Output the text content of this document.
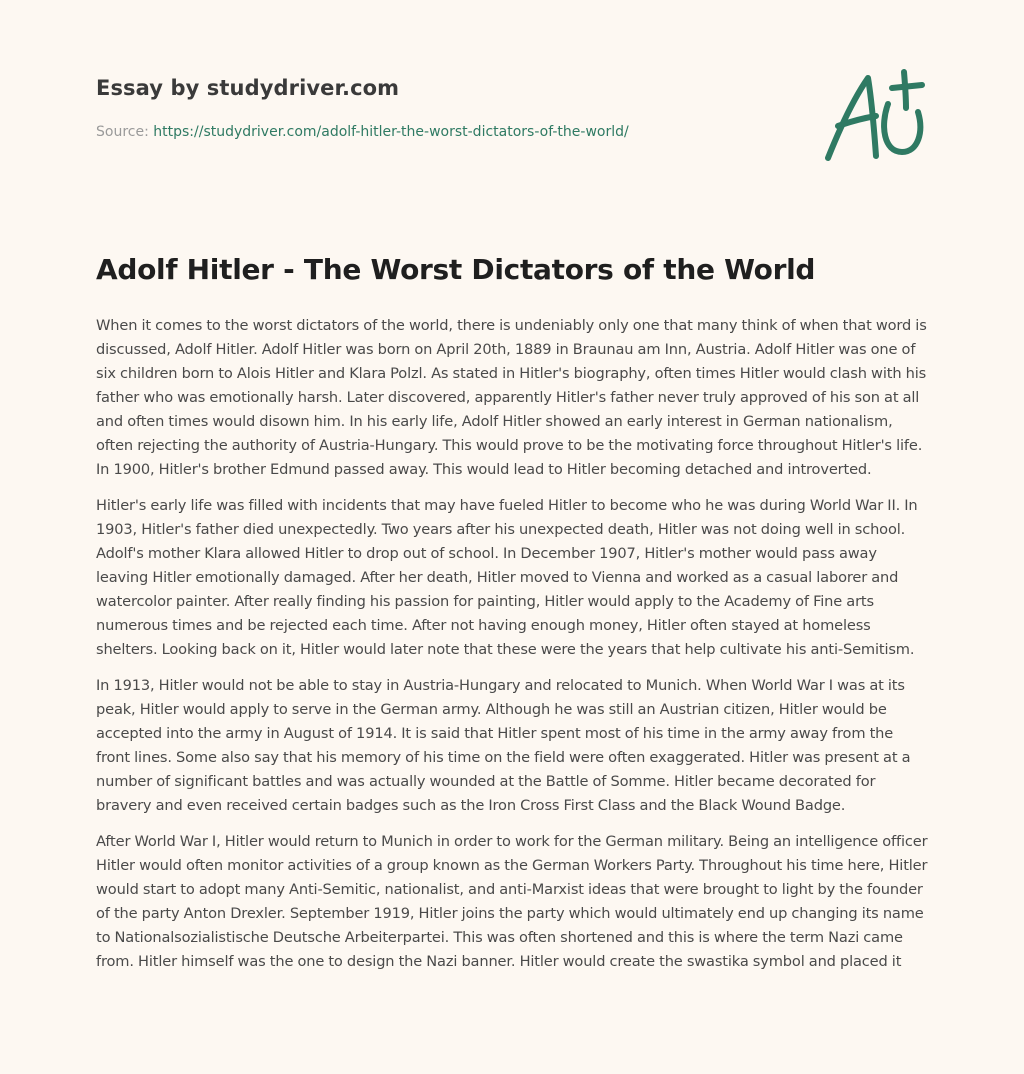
Essay by studydriver.com
Source: https://studydriver.com/adolf-hitler-the-worst-dictators-of-the-world/
Adolf Hitler - The Worst Dictators of the World

When it comes to the worst dictators of the world, there is undeniably only one that many think of when that word is discussed, Adolf Hitler. Adolf Hitler was born on April 20th, 1889 in Braunau am Inn, Austria. Adolf Hitler was one of six children born to Alois Hitler and Klara Polzl. As stated in Hitler's biography, often times Hitler would clash with his father who was emotionally harsh. Later discovered, apparently Hitler's father never truly approved of his son at all and often times would disown him. In his early life, Adolf Hitler showed an early interest in German nationalism, often rejecting the authority of Austria-Hungary. This would prove to be the motivating force throughout Hitler's life. In 1900, Hitler's brother Edmund passed away. This would lead to Hitler becoming detached and introverted.

Hitler's early life was filled with incidents that may have fueled Hitler to become who he was during World War II. In 1903, Hitler's father died unexpectedly. Two years after his unexpected death, Hitler was not doing well in school. Adolf's mother Klara allowed Hitler to drop out of school. In December 1907, Hitler's mother would pass away leaving Hitler emotionally damaged. After her death, Hitler moved to Vienna and worked as a casual laborer and watercolor painter. After really finding his passion for painting, Hitler would apply to the Academy of Fine arts numerous times and be rejected each time. After not having enough money, Hitler often stayed at homeless shelters. Looking back on it, Hitler would later note that these were the years that help cultivate his anti-Semitism.

In 1913, Hitler would not be able to stay in Austria-Hungary and relocated to Munich. When World War I was at its peak, Hitler would apply to serve in the German army. Although he was still an Austrian citizen, Hitler would be accepted into the army in August of 1914. It is said that Hitler spent most of his time in the army away from the front lines. Some also say that his memory of his time on the field were often exaggerated. Hitler was present at a number of significant battles and was actually wounded at the Battle of Somme. Hitler became decorated for bravery and even received certain badges such as the Iron Cross First Class and the Black Wound Badge.

After World War I, Hitler would return to Munich in order to work for the German military. Being an intelligence officer Hitler would often monitor activities of a group known as the German Workers Party. Throughout his time here, Hitler would start to adopt many Anti-Semitic, nationalist, and anti-Marxist ideas that were brought to light by the founder of the party Anton Drexler. September 1919, Hitler joins the party which would ultimately end up changing its name to Nationalsozialistische Deutsche Arbeiterpartei. This was often shortened and this is where the term Nazi came from. Hitler himself was the one to design the Nazi banner. Hitler would create the swastika symbol and placed it
